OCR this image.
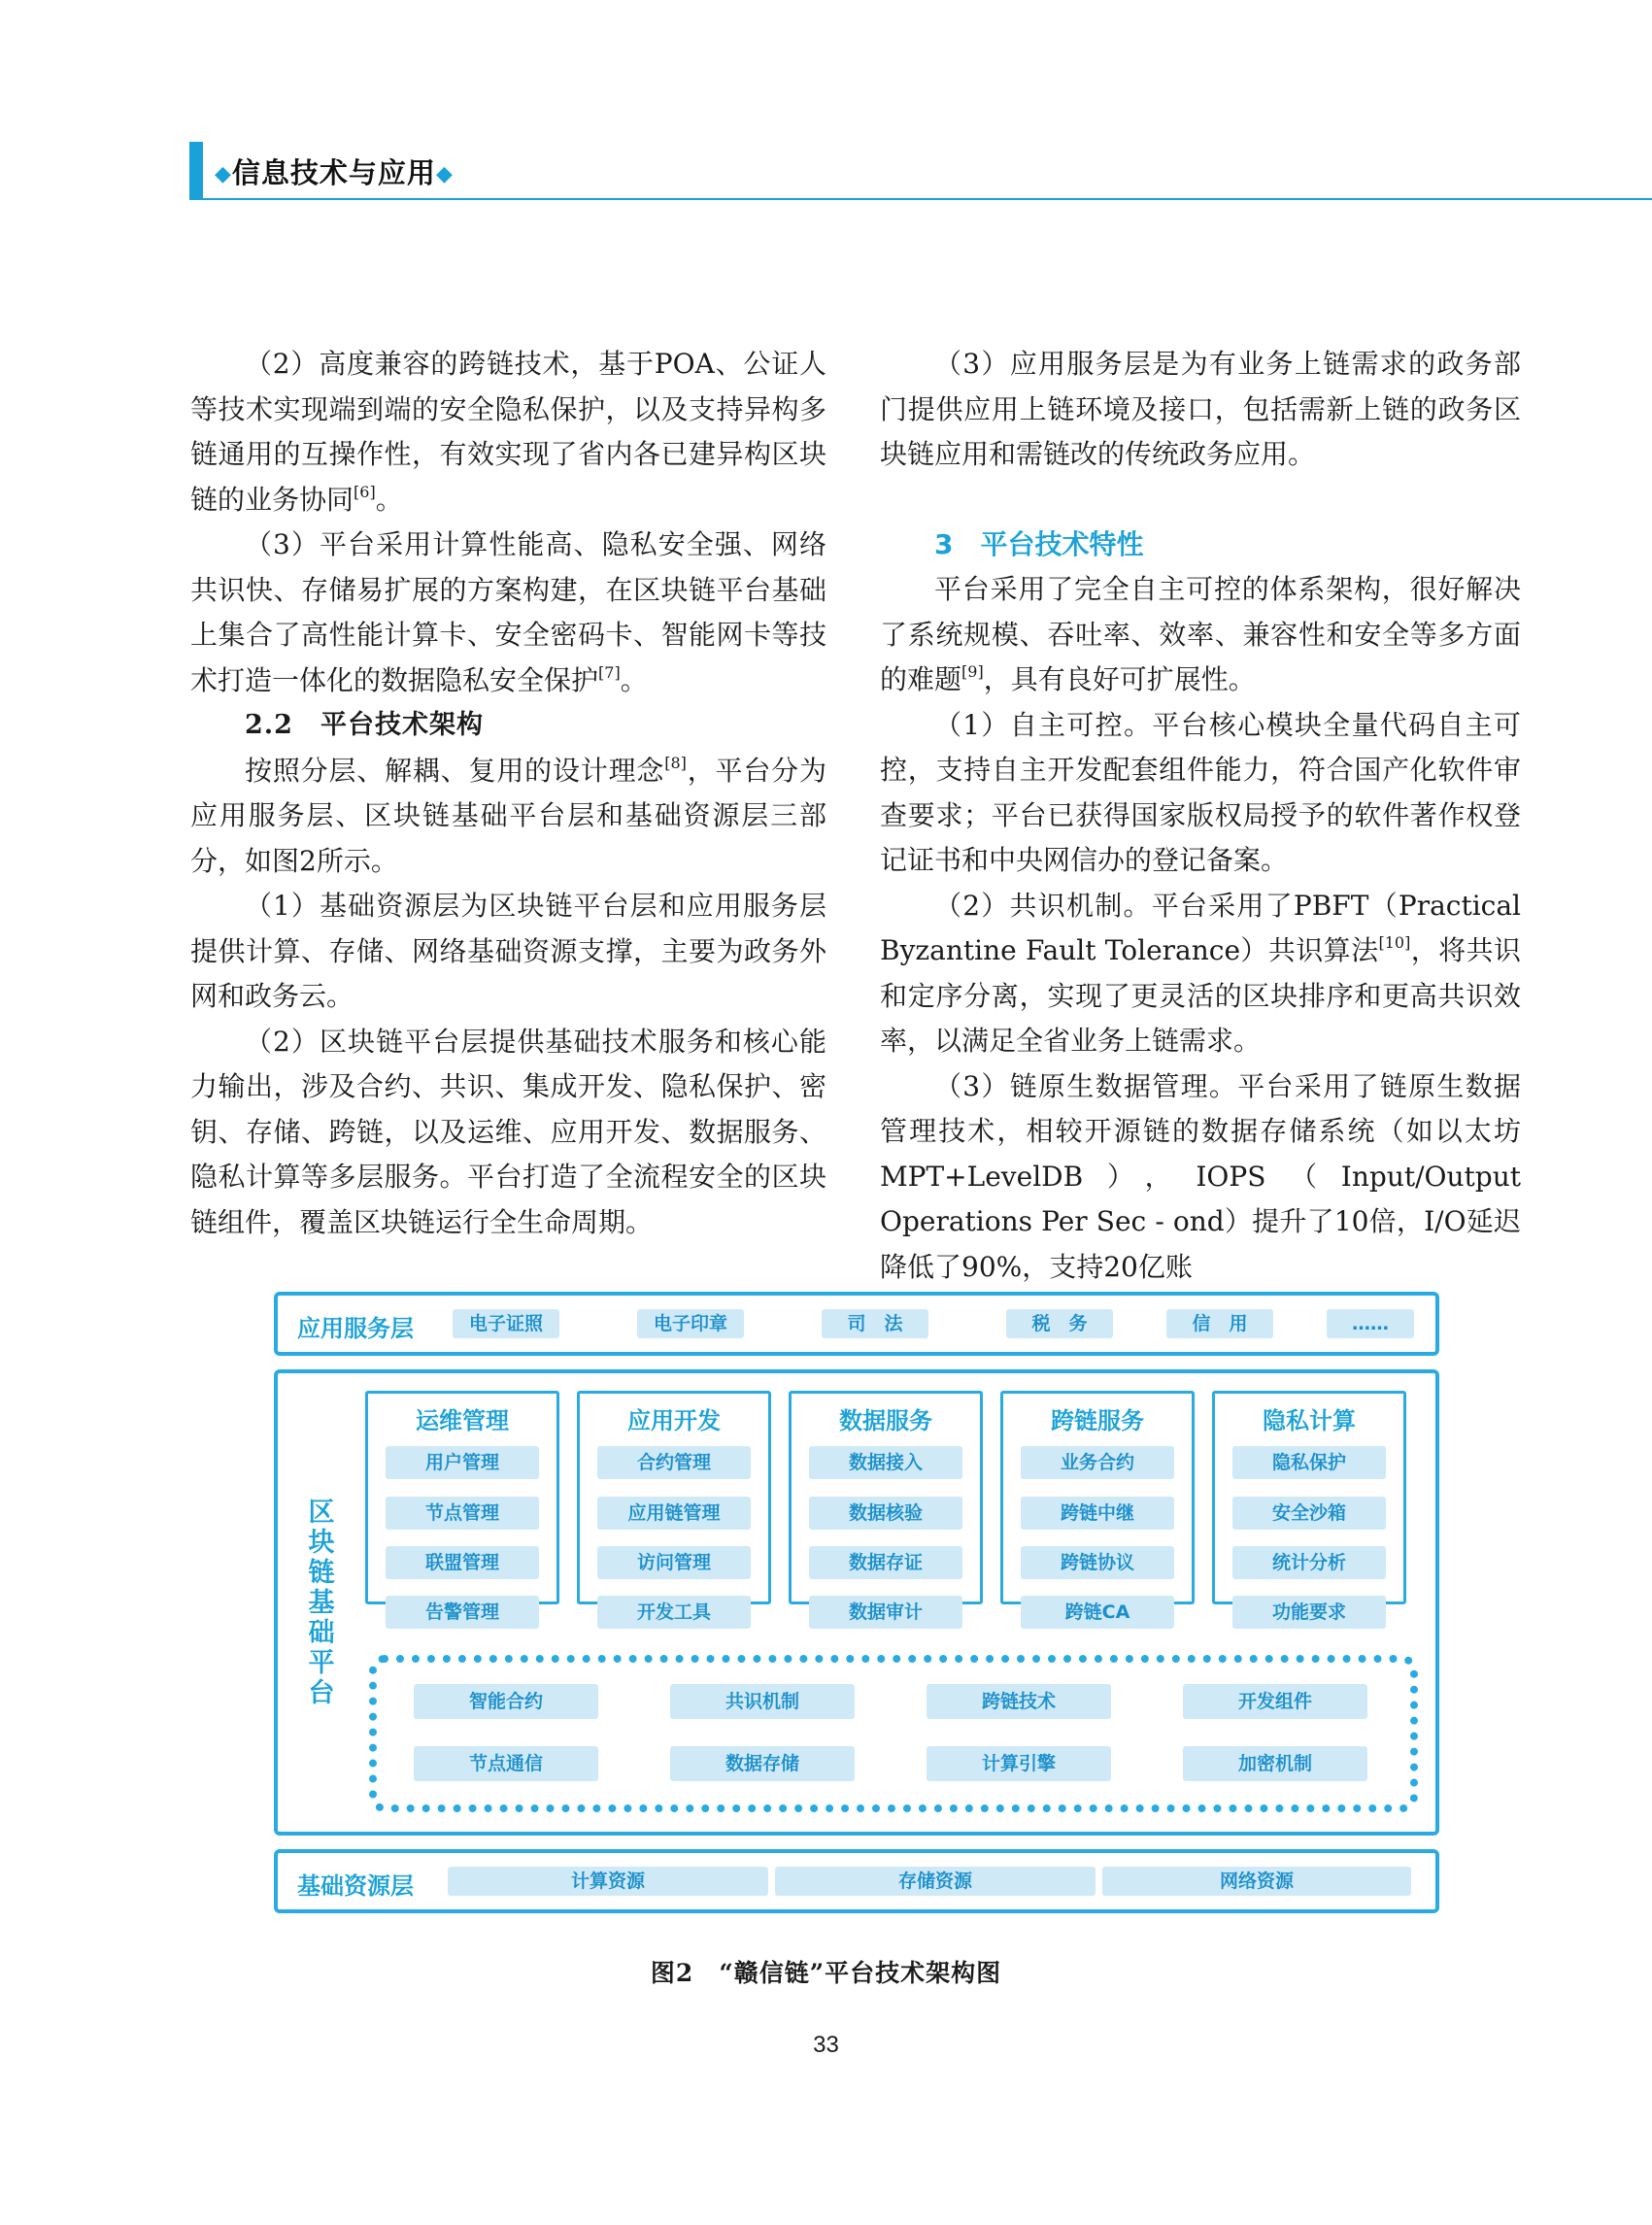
◆信息技术与应用◆

（2）高度兼容的跨链技术，基于POA、公证人等技术实现端到端的安全隐私保护，以及支持异构多链通用的互操作性，有效实现了省内各已建异构区块链的业务协同[6]。

（3）平台采用计算性能高、隐私安全强、网络共识快、存储易扩展的方案构建，在区块链平台基础上集合了高性能计算卡、安全密码卡、智能网卡等技术打造一体化的数据隐私安全保护[7]。

2.2　平台技术架构

按照分层、解耦、复用的设计理念[8]，平台分为应用服务层、区块链基础平台层和基础资源层三部分，如图2所示。

（1）基础资源层为区块链平台层和应用服务层提供计算、存储、网络基础资源支撑，主要为政务外网和政务云。

（2）区块链平台层提供基础技术服务和核心能力输出，涉及合约、共识、集成开发、隐私保护、密钥、存储、跨链，以及运维、应用开发、数据服务、隐私计算等多层服务。平台打造了全流程安全的区块链组件，覆盖区块链运行全生命周期。

（3）应用服务层是为有业务上链需求的政务部门提供应用上链环境及接口，包括需新上链的政务区块链应用和需链改的传统政务应用。

3　平台技术特性

平台采用了完全自主可控的体系架构，很好解决了系统规模、吞吐率、效率、兼容性和安全等多方面的难题[9]，具有良好可扩展性。

（1）自主可控。平台核心模块全量代码自主可控，支持自主开发配套组件能力，符合国产化软件审查要求；平台已获得国家版权局授予的软件著作权登记证书和中央网信办的登记备案。

（2）共识机制。平台采用了PBFT（Practical Byzantine Fault Tolerance）共识算法[10]，将共识和定序分离，实现了更灵活的区块排序和更高共识效率，以满足全省业务上链需求。

（3）链原生数据管理。平台采用了链原生数据管理技术，相较开源链的数据存储系统（如以太坊MPT+LevelDB），IOPS（Input/Output Operations Per Sec - ond）提升了10倍，I/O延迟降低了90%，支持20亿账

应用服务层	电子证照	电子印章	司　法	税　务	信　用	……
区块链基础平台
运维管理
用户管理
节点管理
联盟管理
告警管理
应用开发
合约管理
应用链管理
访问管理
开发工具
数据服务
数据接入
数据核验
数据存证
数据审计
跨链服务
业务合约
跨链中继
跨链协议
跨链CA
隐私计算
隐私保护
安全沙箱
统计分析
功能要求
智能合约	共识机制	跨链技术	开发组件
节点通信	数据存储	计算引擎	加密机制
基础资源层	计算资源	存储资源	网络资源
图2　“赣信链”平台技术架构图
33
